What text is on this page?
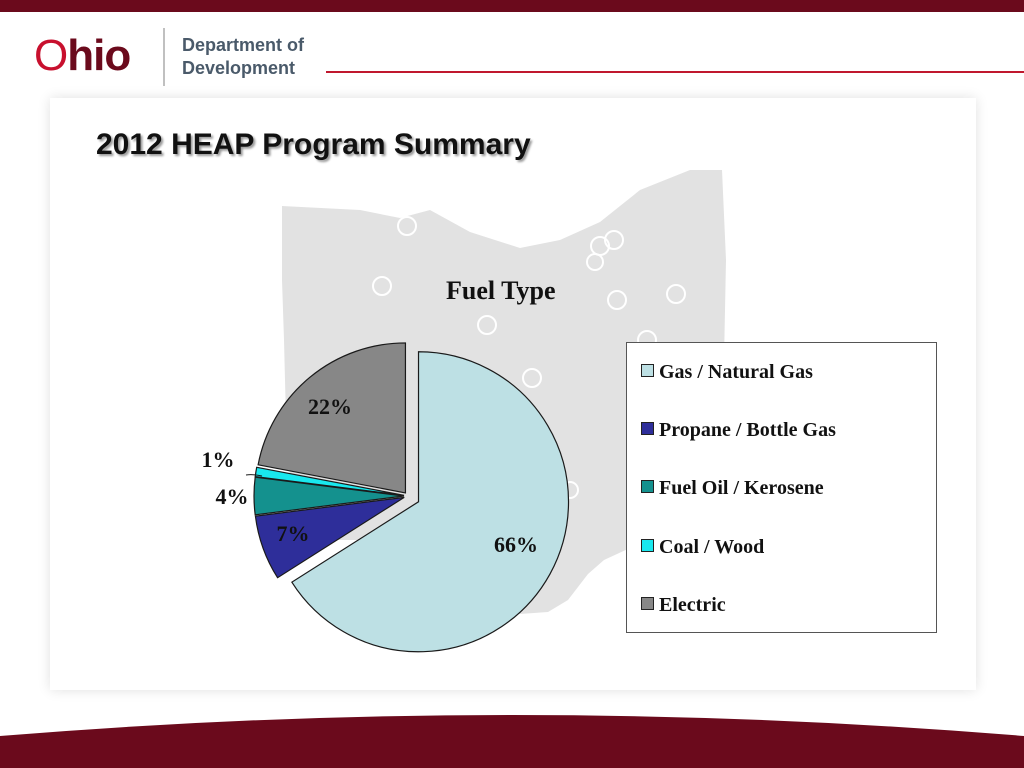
Ohio	Department of
Development
2012 HEAP Program Summary
Fuel Type
66%
7%
4%
1%
22%
Gas / Natural Gas
Propane / Bottle Gas
Fuel Oil / Kerosene
Coal / Wood
Electric
